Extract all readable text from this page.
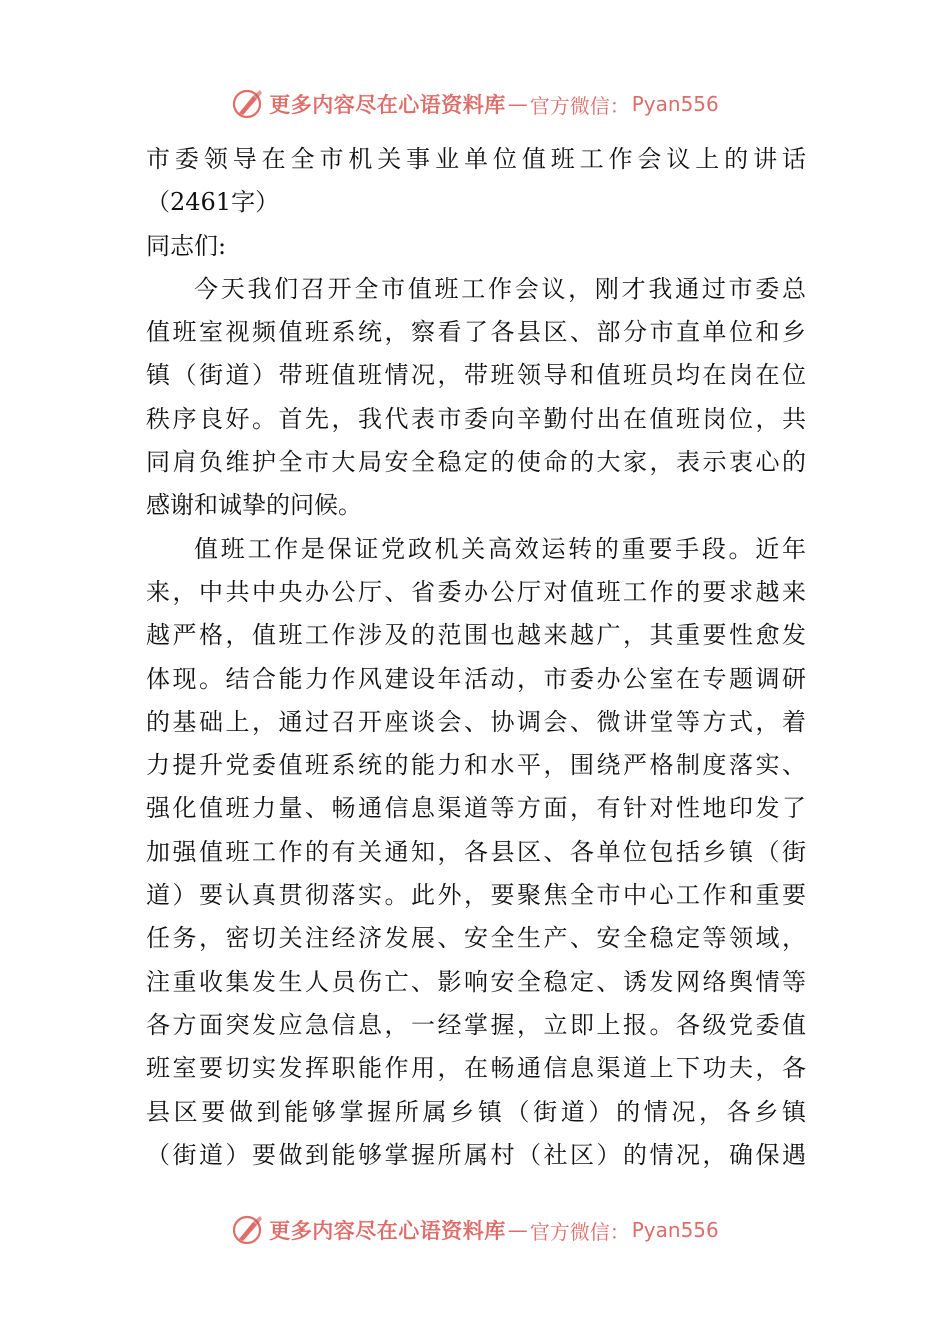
更多内容尽在心语资料库 — 官方微信： Pyan556
市委领导在全市机关事业单位值班工作会议上的讲话
（2461字）
同志们:
今天我们召开全市值班工作会议，刚才我通过市委总
值班室视频值班系统，察看了各县区、部分市直单位和乡
镇（街道）带班值班情况，带班领导和值班员均在岗在位
秩序良好。首先，我代表市委向辛勤付出在值班岗位，共
同肩负维护全市大局安全稳定的使命的大家，表示衷心的
感谢和诚挚的问候。
值班工作是保证党政机关高效运转的重要手段。近年
来，中共中央办公厅、省委办公厅对值班工作的要求越来
越严格，值班工作涉及的范围也越来越广，其重要性愈发
体现。结合能力作风建设年活动，市委办公室在专题调研
的基础上，通过召开座谈会、协调会、微讲堂等方式，着
力提升党委值班系统的能力和水平，围绕严格制度落实、
强化值班力量、畅通信息渠道等方面，有针对性地印发了
加强值班工作的有关通知，各县区、各单位包括乡镇（街
道）要认真贯彻落实。此外，要聚焦全市中心工作和重要
任务，密切关注经济发展、安全生产、安全稳定等领域，
注重收集发生人员伤亡、影响安全稳定、诱发网络舆情等
各方面突发应急信息，一经掌握，立即上报。各级党委值
班室要切实发挥职能作用，在畅通信息渠道上下功夫，各
县区要做到能够掌握所属乡镇（街道）的情况，各乡镇
（街道）要做到能够掌握所属村（社区）的情况，确保遇
更多内容尽在心语资料库 — 官方微信： Pyan556
